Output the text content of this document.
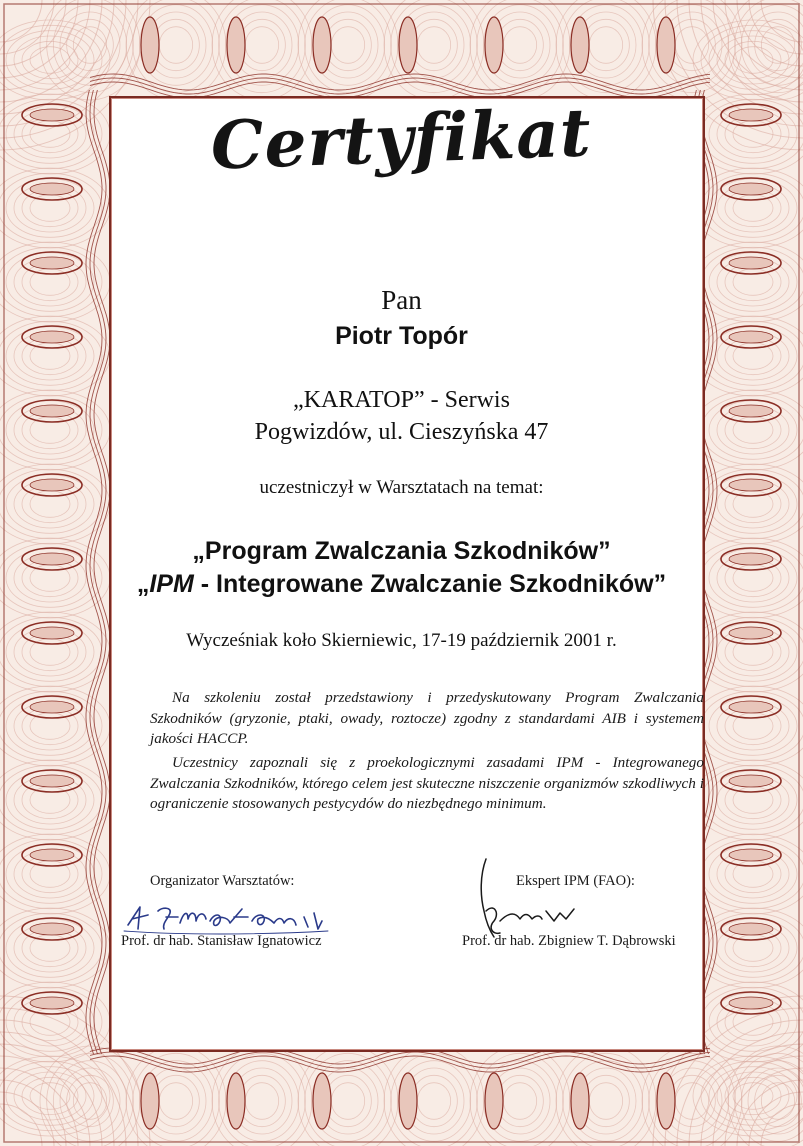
Certyfikat
Pan
Piotr Topór
„KARATOP” - Serwis
Pogwizdów, ul. Cieszyńska 47
uczestniczył w Warsztatach na temat:
„Program Zwalczania Szkodników”
„IPM - Integrowane Zwalczanie Szkodników”
Wycześniak koło Skierniewic, 17-19 październik 2001 r.

Na szkoleniu został przedstawiony i przedyskutowany Program Zwalczania Szkodników (gryzonie, ptaki, owady, roztocze) zgodny z standardami AIB i systemem jakości HACCP.

Uczestnicy zapoznali się z proekologicznymi zasadami IPM - Integrowanego Zwalczania Szkodników, którego celem jest skuteczne niszczenie organizmów szkodliwych i ograniczenie stosowanych pestycydów do niezbędnego minimum.

Organizator Warsztatów:	Ekspert IPM (FAO):
Prof. dr hab. Stanisław Ignatowicz	Prof. dr hab. Zbigniew T. Dąbrowski
